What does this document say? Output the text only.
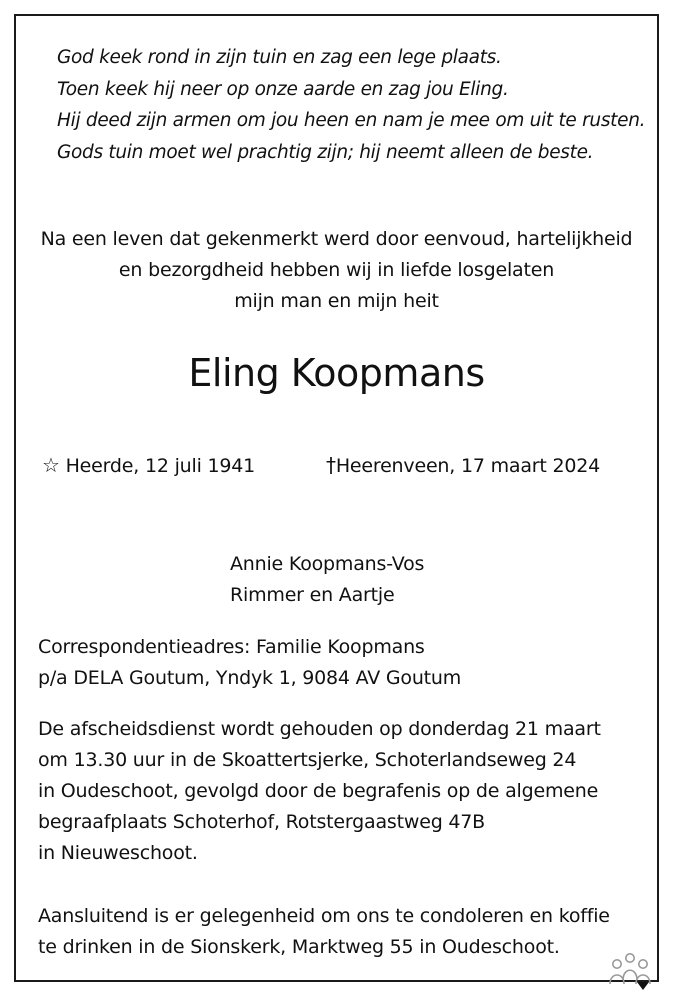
God keek rond in zijn tuin en zag een lege plaats.
Toen keek hij neer op onze aarde en zag jou Eling.
Hij deed zijn armen om jou heen en nam je mee om uit te rusten.
Gods tuin moet wel prachtig zijn; hij neemt alleen de beste.
Na een leven dat gekenmerkt werd door eenvoud, hartelijkheid
en bezorgdheid hebben wij in liefde losgelaten
mijn man en mijn heit
Eling Koopmans
☆ Heerde, 12 juli 1941	†Heerenveen, 17 maart 2024
Annie Koopmans-Vos
Rimmer en Aartje
Correspondentieadres: Familie Koopmans
p/a DELA Goutum, Yndyk 1, 9084 AV Goutum
De afscheidsdienst wordt gehouden op donderdag 21 maart
om 13.30 uur in de Skoattertsjerke, Schoterlandseweg 24
in Oudeschoot, gevolgd door de begrafenis op de algemene
begraafplaats Schoterhof, Rotstergaastweg 47B
in Nieuweschoot.
Aansluitend is er gelegenheid om ons te condoleren en koffie
te drinken in de Sionskerk, Marktweg 55 in Oudeschoot.
